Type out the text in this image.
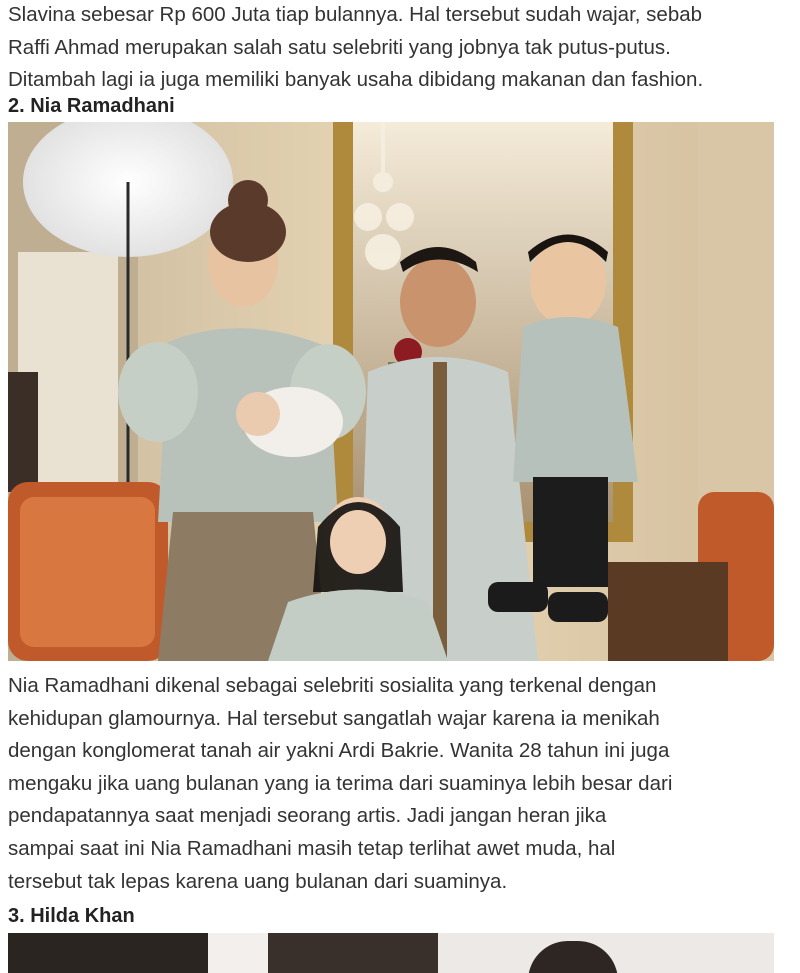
Slavina sebesar Rp 600 Juta tiap bulannya. Hal tersebut sudah wajar, sebab
Raffi Ahmad merupakan salah satu selebriti yang jobnya tak putus-putus.
Ditambah lagi ia juga memiliki banyak usaha dibidang makanan dan fashion.

2. Nia Ramadhani

Nia Ramadhani dikenal sebagai selebriti sosialita yang terkenal dengan
kehidupan glamournya. Hal tersebut sangatlah wajar karena ia menikah
dengan konglomerat tanah air yakni Ardi Bakrie. Wanita 28 tahun ini juga
mengaku jika uang bulanan yang ia terima dari suaminya lebih besar dari
pendapatannya saat menjadi seorang artis. Jadi jangan heran jika
sampai saat ini Nia Ramadhani masih tetap terlihat awet muda, hal
tersebut tak lepas karena uang bulanan dari suaminya.

3. Hilda Khan
